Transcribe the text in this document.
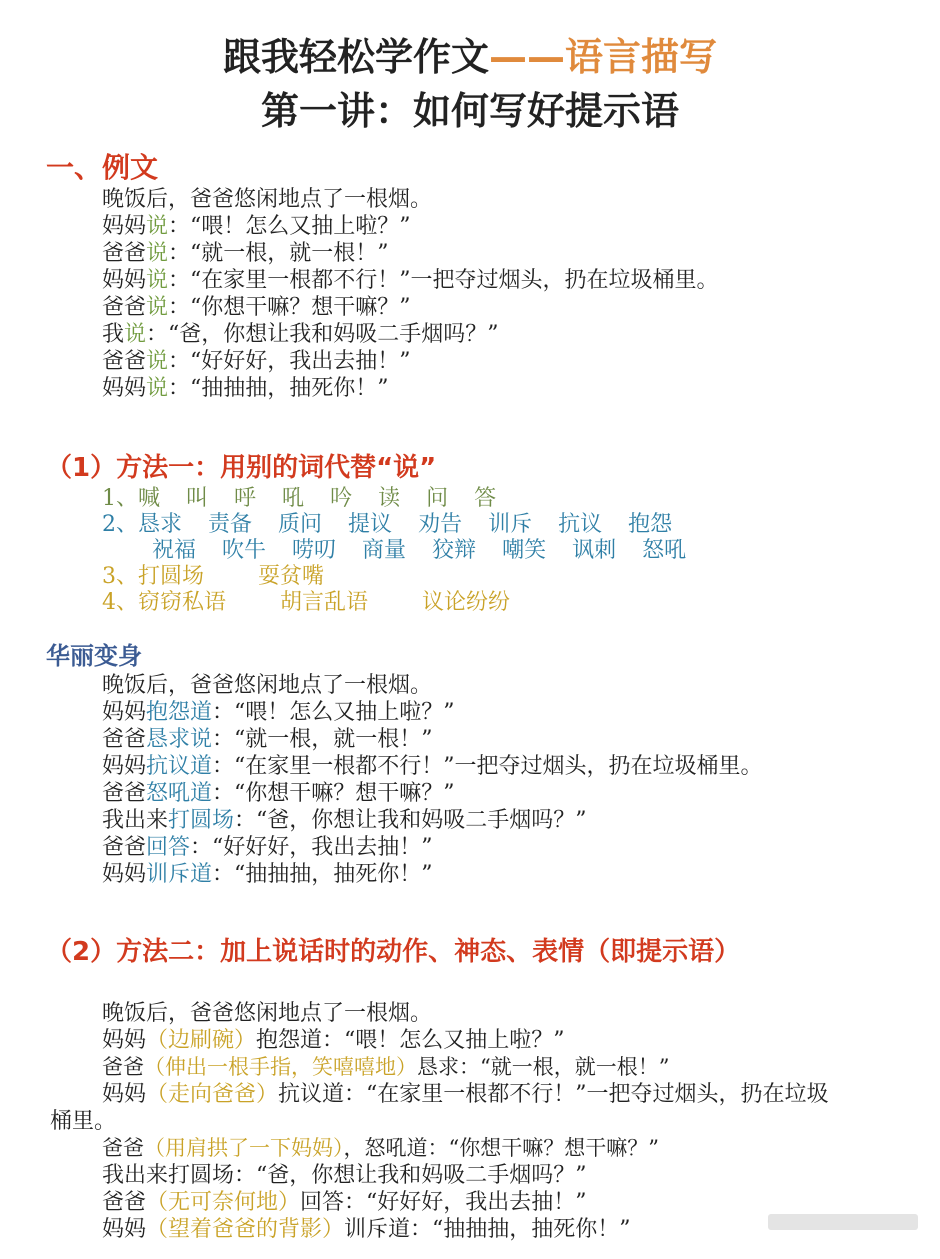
跟我轻松学作文——语言描写
第一讲：如何写好提示语
一、例文
晚饭后，爸爸悠闲地点了一根烟。
妈妈说：“喂！怎么又抽上啦？”
爸爸说：“就一根，就一根！”
妈妈说：“在家里一根都不行！”一把夺过烟头，扔在垃圾桶里。
爸爸说：“你想干嘛？想干嘛？”
我说：“爸，你想让我和妈吸二手烟吗？”
爸爸说：“好好好，我出去抽！”
妈妈说：“抽抽抽，抽死你！”
（1）方法一：用别的词代替“说”
1、喊 叫 呼 吼 吟 读 问 答
2、恳求 责备 质问 提议 劝告 训斥 抗议 抱怨
祝福 吹牛 唠叨 商量 狡辩 嘲笑 讽刺 怒吼
3、打圆场 耍贫嘴
4、窃窃私语 胡言乱语 议论纷纷
华丽变身
晚饭后，爸爸悠闲地点了一根烟。
妈妈抱怨道：“喂！怎么又抽上啦？”
爸爸恳求说：“就一根，就一根！”
妈妈抗议道：“在家里一根都不行！”一把夺过烟头，扔在垃圾桶里。
爸爸怒吼道：“你想干嘛？想干嘛？”
我出来打圆场：“爸，你想让我和妈吸二手烟吗？”
爸爸回答：“好好好，我出去抽！”
妈妈训斥道：“抽抽抽，抽死你！”
（2）方法二：加上说话时的动作、神态、表情（即提示语）
晚饭后，爸爸悠闲地点了一根烟。
妈妈（边刷碗）抱怨道：“喂！怎么又抽上啦？”
爸爸（伸出一根手指，笑嘻嘻地）恳求：“就一根，就一根！”
妈妈（走向爸爸）抗议道：“在家里一根都不行！”一把夺过烟头，扔在垃圾桶里。
爸爸（用肩拱了一下妈妈），怒吼道：“你想干嘛？想干嘛？”
我出来打圆场：“爸，你想让我和妈吸二手烟吗？”
爸爸（无可奈何地）回答：“好好好，我出去抽！”
妈妈（望着爸爸的背影）训斥道：“抽抽抽，抽死你！”
